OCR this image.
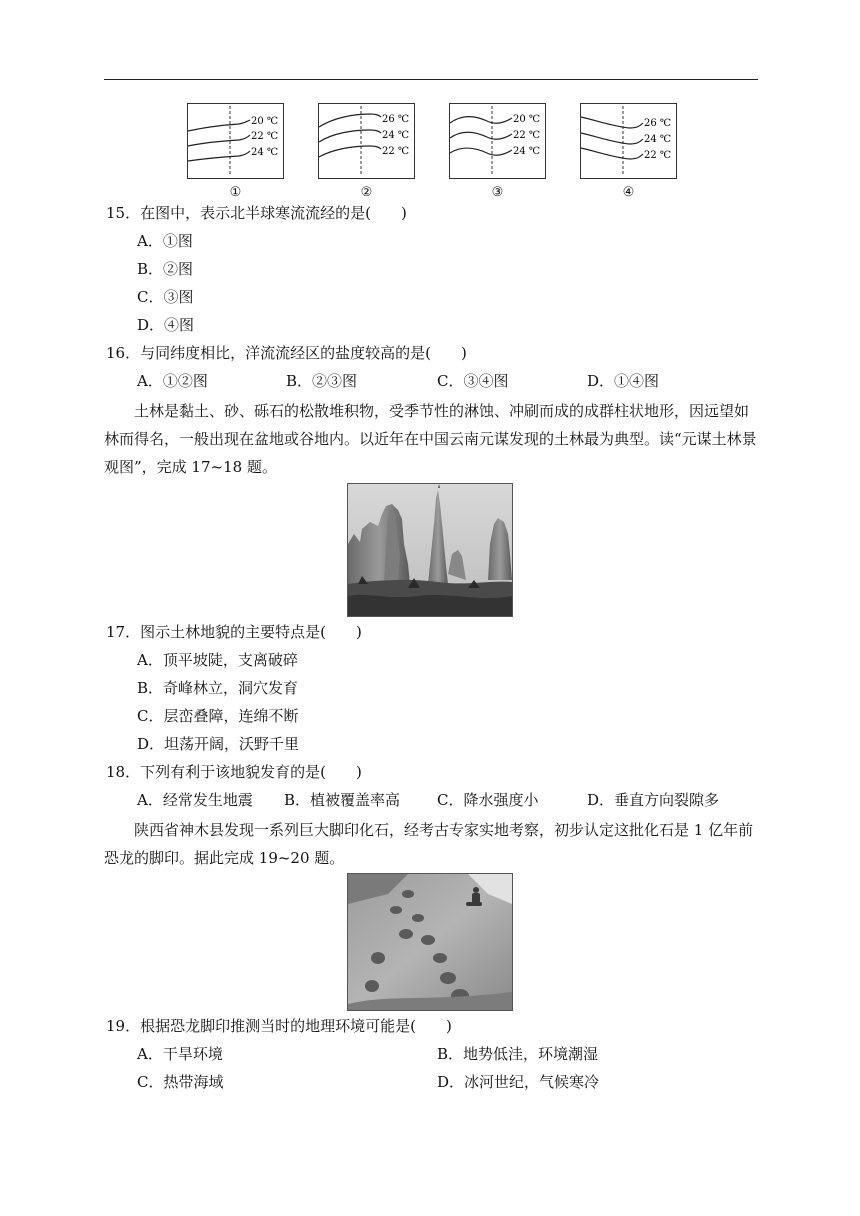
20 ℃
22 ℃
24 ℃
①
26 ℃
24 ℃
22 ℃
②
20 ℃
22 ℃
24 ℃
③
26 ℃
24 ℃
22 ℃
④
15．在图中，表示北半球寒流流经的是(　　)
A．①图
B．②图
C．③图
D．④图
16．与同纬度相比，洋流流经区的盐度较高的是(　　)
A．①②图	B．②③图	C．③④图	D．①④图
土林是黏土、砂、砾石的松散堆积物，受季节性的淋蚀、冲刷而成的成群柱状地形，因远望如林而得名，一般出现在盆地或谷地内。以近年在中国云南元谋发现的土林最为典型。读“元谋土林景观图”，完成 17~18 题。
17．图示土林地貌的主要特点是(　　)
A．顶平坡陡，支离破碎
B．奇峰林立，洞穴发育
C．层峦叠障，连绵不断
D．坦荡开阔，沃野千里
18．下列有利于该地貌发育的是(　　)
A．经常发生地震 B．植被覆盖率高 C．降水强度小	D．垂直方向裂隙多
陕西省神木县发现一系列巨大脚印化石，经考古专家实地考察，初步认定这批化石是 1 亿年前恐龙的脚印。据此完成 19~20 题。
19．根据恐龙脚印推测当时的地理环境可能是(　　)
A．干旱环境	B．地势低洼，环境潮湿
C．热带海域	D．冰河世纪，气候寒冷
